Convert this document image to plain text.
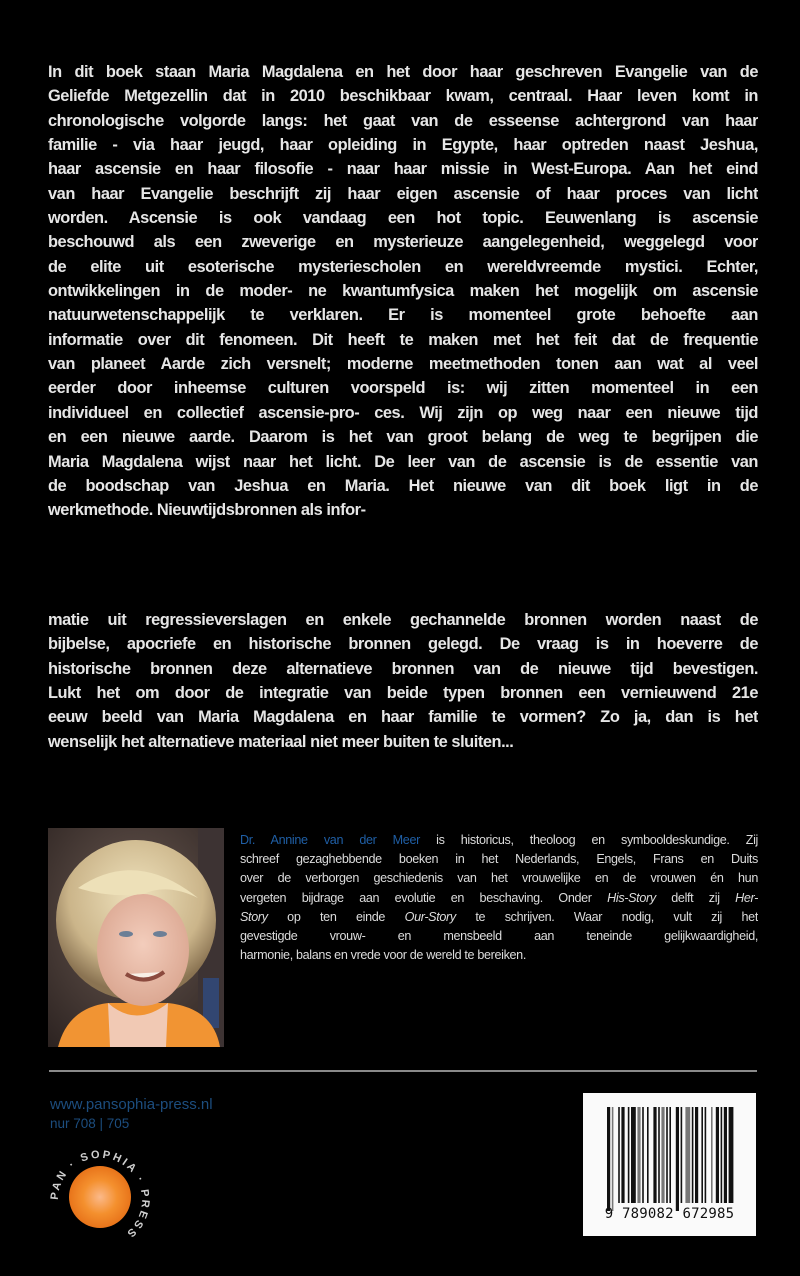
In dit boek staan Maria Magdalena en het door haar geschreven Evangelie van de
Geliefde Metgezellin dat in 2010 beschikbaar kwam, centraal. Haar leven komt in
chronologische volgorde langs: het gaat van de esseense achtergrond van haar
familie - via haar jeugd, haar opleiding in Egypte, haar optreden naast Jeshua,
haar ascensie en haar filosofie - naar haar missie in West-Europa. Aan het eind
van haar Evangelie beschrijft zij haar eigen ascensie of haar proces van licht
worden. Ascensie is ook vandaag een hot topic. Eeuwenlang is ascensie
beschouwd als een zweverige en mysterieuze aangelegenheid, weggelegd voor
de elite uit esoterische mysteriescholen en wereldvreemde mystici. Echter,
ontwikkelingen in de moder- ne kwantumfysica maken het mogelijk om ascensie
natuurwetenschappelijk te verklaren. Er is momenteel grote behoefte aan
informatie over dit fenomeen. Dit heeft te maken met het feit dat de frequentie
van planeet Aarde zich versnelt; moderne meetmethoden tonen aan wat al veel
eerder door inheemse culturen voorspeld is: wij zitten momenteel in een
individueel en collectief ascensie-pro- ces. Wij zijn op weg naar een nieuwe tijd
en een nieuwe aarde. Daarom is het van groot belang de weg te begrijpen die
Maria Magdalena wijst naar het licht. De leer van de ascensie is de essentie van
de boodschap van Jeshua en Maria. Het nieuwe van dit boek ligt in de
werkmethode. Nieuwtijdsbronnen als infor-
matie uit regressieverslagen en enkele gechannelde bronnen worden naast de
bijbelse, apocriefe en historische bronnen gelegd. De vraag is in hoeverre de
historische bronnen deze alternatieve bronnen van de nieuwe tijd bevestigen.
Lukt het om door de integratie van beide typen bronnen een vernieuwend 21e
eeuw beeld van Maria Magdalena en haar familie te vormen? Zo ja, dan is het
wenselijk het alternatieve materiaal niet meer buiten te sluiten...
Dr. Annine van der Meer is historicus, theoloog en symbooldeskundige. Zij
schreef gezaghebbende boeken in het Nederlands, Engels, Frans en Duits
over de verborgen geschiedenis van het vrouwelijke en de vrouwen én hun
vergeten bijdrage aan evolutie en beschaving. Onder His-Story delft zij Her-
Story op ten einde Our-Story te schrijven. Waar nodig, vult zij het
gevestigde vrouw- en mensbeeld aan teneinde gelijkwaardigheid,
harmonie, balans en vrede voor de wereld te bereiken.
www.pansophia-press.nl
nur 708 | 705
PAN · SOPHIA · PRESS
9 789082 672985
